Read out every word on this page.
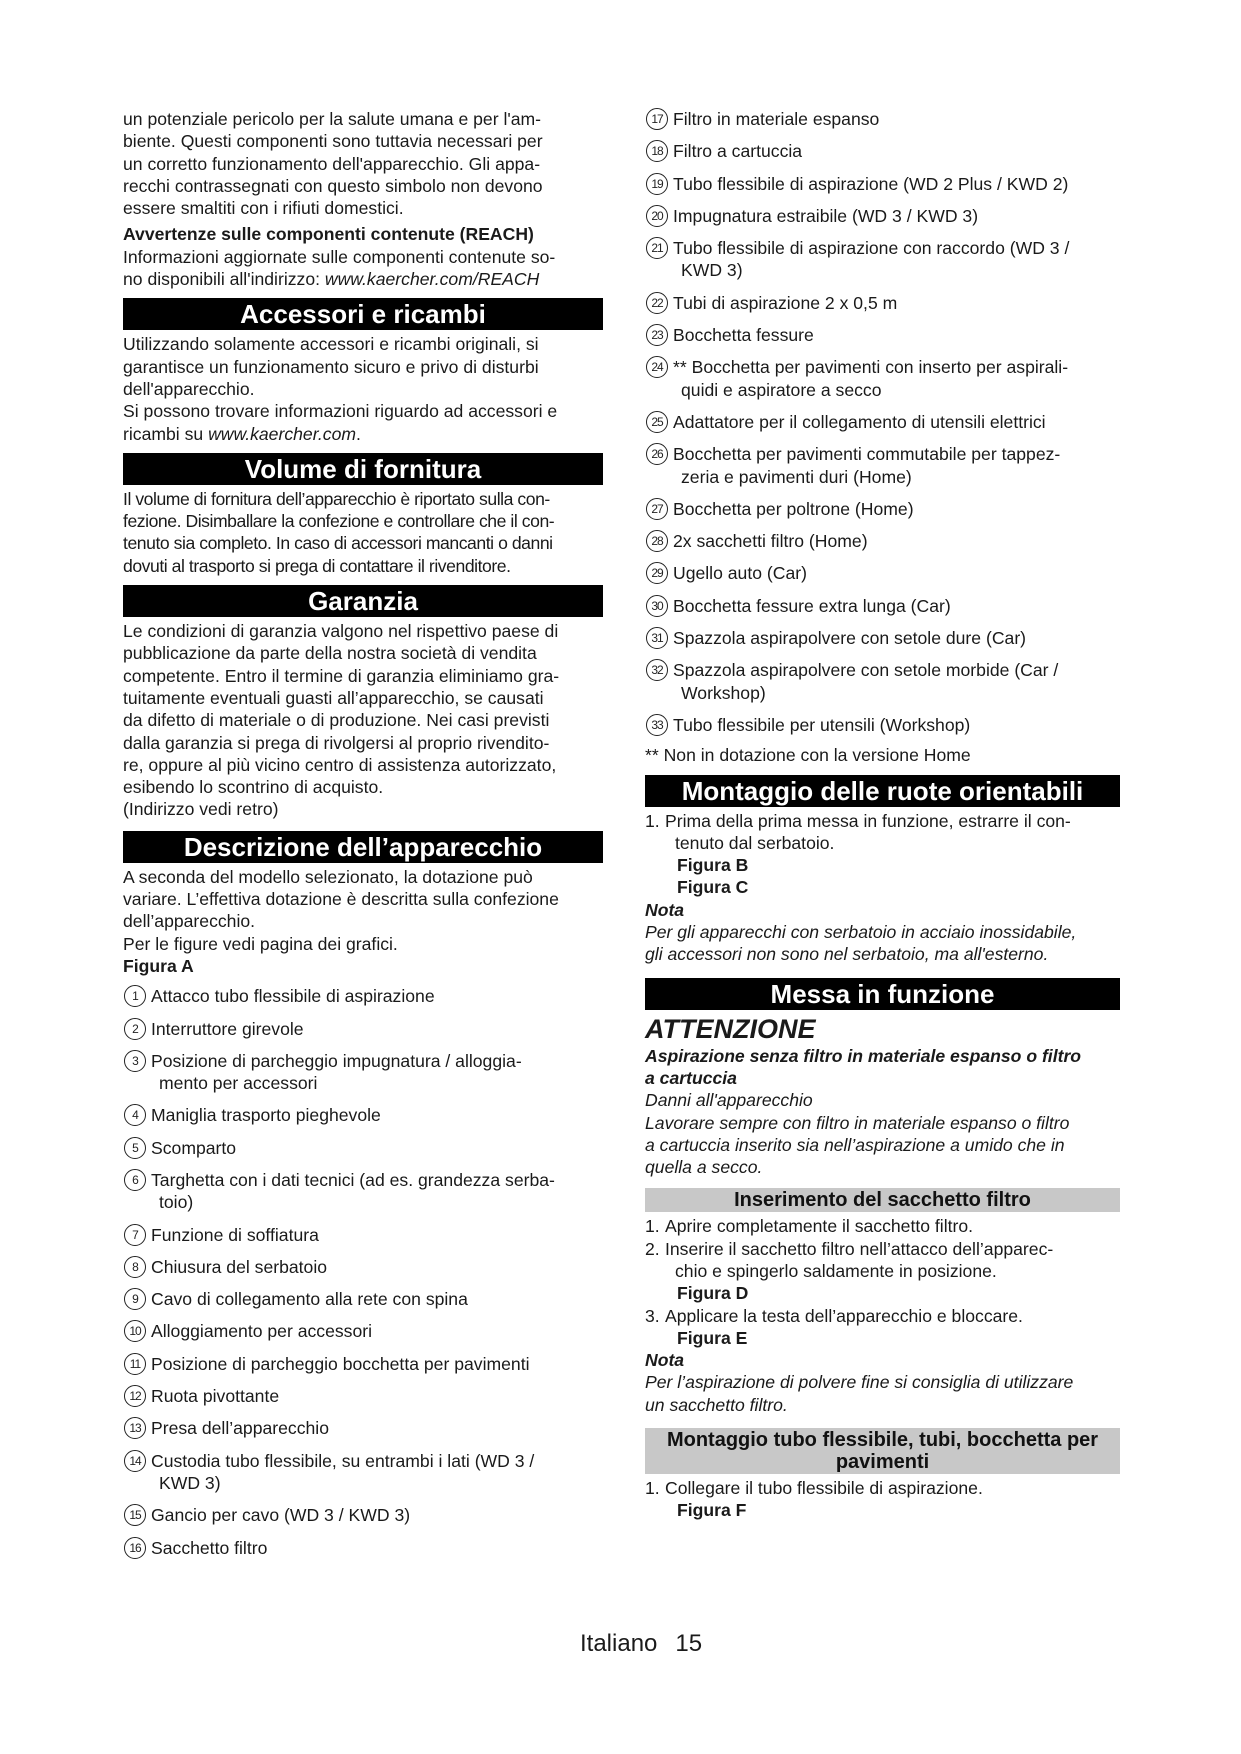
un potenziale pericolo per la salute umana e per l'am-

biente. Questi componenti sono tuttavia necessari per

un corretto funzionamento dell'apparecchio. Gli appa-

recchi contrassegnati con questo simbolo non devono

essere smaltiti con i rifiuti domestici.

Avvertenze sulle componenti contenute (REACH)

Informazioni aggiornate sulle componenti contenute so-

no disponibili all'indirizzo: www.kaercher.com/REACH

Accessori e ricambi

Utilizzando solamente accessori e ricambi originali, si

garantisce un funzionamento sicuro e privo di disturbi

dell'apparecchio.

Si possono trovare informazioni riguardo ad accessori e

ricambi su www.kaercher.com.

Volume di fornitura

Il volume di fornitura dell’apparecchio è riportato sulla con-

fezione. Disimballare la confezione e controllare che il con-

tenuto sia completo. In caso di accessori mancanti o danni

dovuti al trasporto si prega di contattare il rivenditore.

Garanzia

Le condizioni di garanzia valgono nel rispettivo paese di

pubblicazione da parte della nostra società di vendita

competente. Entro il termine di garanzia eliminiamo gra-

tuitamente eventuali guasti all’apparecchio, se causati

da difetto di materiale o di produzione. Nei casi previsti

dalla garanzia si prega di rivolgersi al proprio rivendito-

re, oppure al più vicino centro di assistenza autorizzato,

esibendo lo scontrino di acquisto.

(Indirizzo vedi retro)

Descrizione dell’apparecchio

A seconda del modello selezionato, la dotazione può

variare. L’effettiva dotazione è descritta sulla confezione

dell’apparecchio.

Per le figure vedi pagina dei grafici.

Figura A

1 Attacco tubo flessibile di aspirazione
2 Interruttore girevole
3 Posizione di parcheggio impugnatura / alloggia-
mento per accessori
4 Maniglia trasporto pieghevole
5 Scomparto
6 Targhetta con i dati tecnici (ad es. grandezza serba-
toio)
7 Funzione di soffiatura
8 Chiusura del serbatoio
9 Cavo di collegamento alla rete con spina
10 Alloggiamento per accessori
11 Posizione di parcheggio bocchetta per pavimenti
12 Ruota pivottante
13 Presa dell’apparecchio
14 Custodia tubo flessibile, su entrambi i lati (WD 3 /
KWD 3)
15 Gancio per cavo (WD 3 / KWD 3)
16 Sacchetto filtro
17 Filtro in materiale espanso
18 Filtro a cartuccia
19 Tubo flessibile di aspirazione (WD 2 Plus / KWD 2)
20 Impugnatura estraibile (WD 3 / KWD 3)
21 Tubo flessibile di aspirazione con raccordo (WD 3 /
KWD 3)
22 Tubi di aspirazione 2 x 0,5 m
23 Bocchetta fessure
24 ** Bocchetta per pavimenti con inserto per aspirali-
quidi e aspiratore a secco
25 Adattatore per il collegamento di utensili elettrici
26 Bocchetta per pavimenti commutabile per tappez-
zeria e pavimenti duri (Home)
27 Bocchetta per poltrone (Home)
28 2x sacchetti filtro (Home)
29 Ugello auto (Car)
30 Bocchetta fessure extra lunga (Car)
31 Spazzola aspirapolvere con setole dure (Car)
32 Spazzola aspirapolvere con setole morbide (Car /
Workshop)
33 Tubo flessibile per utensili (Workshop)

** Non in dotazione con la versione Home

Montaggio delle ruote orientabili
1. Prima della prima messa in funzione, estrarre il con-
tenuto dal serbatoio.

Figura B

Figura C

Nota

Per gli apparecchi con serbatoio in acciaio inossidabile,

gli accessori non sono nel serbatoio, ma all'esterno.

Messa in funzione

ATTENZIONE

Aspirazione senza filtro in materiale espanso o filtro

a cartuccia

Danni all'apparecchio

Lavorare sempre con filtro in materiale espanso o filtro

a cartuccia inserito sia nell’aspirazione a umido che in

quella a secco.

Inserimento del sacchetto filtro
1. Aprire completamente il sacchetto filtro.
2. Inserire il sacchetto filtro nell’attacco dell’apparec-
chio e spingerlo saldamente in posizione.

Figura D

3. Applicare la testa dell’apparecchio e bloccare.

Figura E

Nota

Per l’aspirazione di polvere fine si consiglia di utilizzare

un sacchetto filtro.

Montaggio tubo flessibile, tubi, bocchetta per
pavimenti
1. Collegare il tubo flessibile di aspirazione.

Figura F

Italiano 15
